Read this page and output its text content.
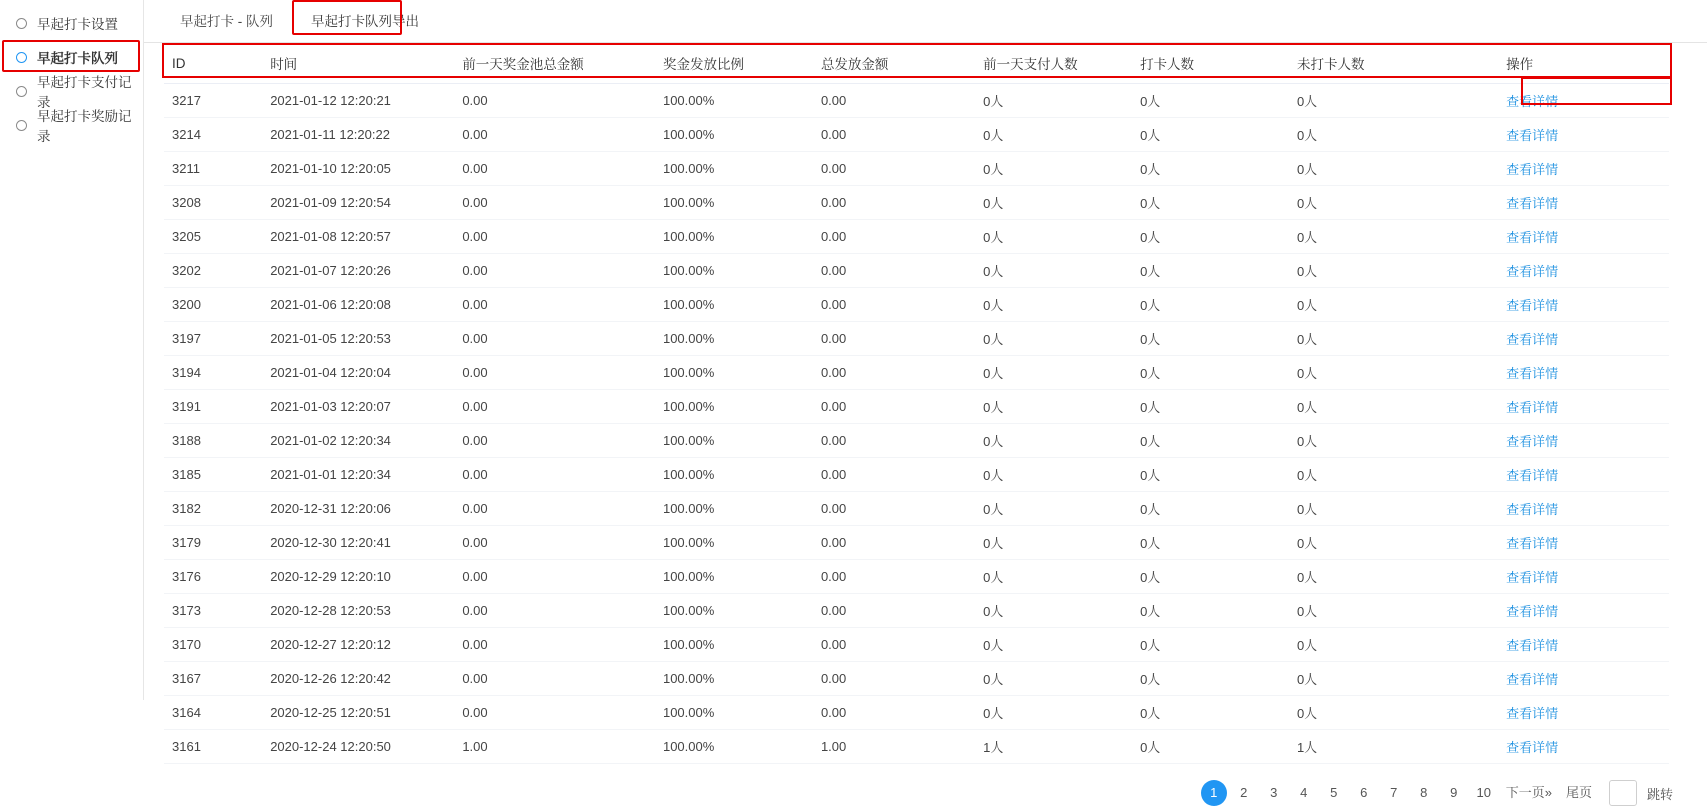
早起打卡设置
早起打卡队列
早起打卡支付记录
早起打卡奖励记录
早起打卡 - 队列	早起打卡队列导出
ID	时间	前一天奖金池总金额	奖金发放比例	总发放金额	前一天支付人数	打卡人数	未打卡人数	操作
3217	2021-01-12 12:20:21	0.00	100.00%	0.00	0人	0人	0人	查看详情
3214	2021-01-11 12:20:22	0.00	100.00%	0.00	0人	0人	0人	查看详情
3211	2021-01-10 12:20:05	0.00	100.00%	0.00	0人	0人	0人	查看详情
3208	2021-01-09 12:20:54	0.00	100.00%	0.00	0人	0人	0人	查看详情
3205	2021-01-08 12:20:57	0.00	100.00%	0.00	0人	0人	0人	查看详情
3202	2021-01-07 12:20:26	0.00	100.00%	0.00	0人	0人	0人	查看详情
3200	2021-01-06 12:20:08	0.00	100.00%	0.00	0人	0人	0人	查看详情
3197	2021-01-05 12:20:53	0.00	100.00%	0.00	0人	0人	0人	查看详情
3194	2021-01-04 12:20:04	0.00	100.00%	0.00	0人	0人	0人	查看详情
3191	2021-01-03 12:20:07	0.00	100.00%	0.00	0人	0人	0人	查看详情
3188	2021-01-02 12:20:34	0.00	100.00%	0.00	0人	0人	0人	查看详情
3185	2021-01-01 12:20:34	0.00	100.00%	0.00	0人	0人	0人	查看详情
3182	2020-12-31 12:20:06	0.00	100.00%	0.00	0人	0人	0人	查看详情
3179	2020-12-30 12:20:41	0.00	100.00%	0.00	0人	0人	0人	查看详情
3176	2020-12-29 12:20:10	0.00	100.00%	0.00	0人	0人	0人	查看详情
3173	2020-12-28 12:20:53	0.00	100.00%	0.00	0人	0人	0人	查看详情
3170	2020-12-27 12:20:12	0.00	100.00%	0.00	0人	0人	0人	查看详情
3167	2020-12-26 12:20:42	0.00	100.00%	0.00	0人	0人	0人	查看详情
3164	2020-12-25 12:20:51	0.00	100.00%	0.00	0人	0人	0人	查看详情
3161	2020-12-24 12:20:50	1.00	100.00%	1.00	1人	0人	1人	查看详情
1	2	3	4	5	6	7	8	9	10	下一页»	尾页	跳转
